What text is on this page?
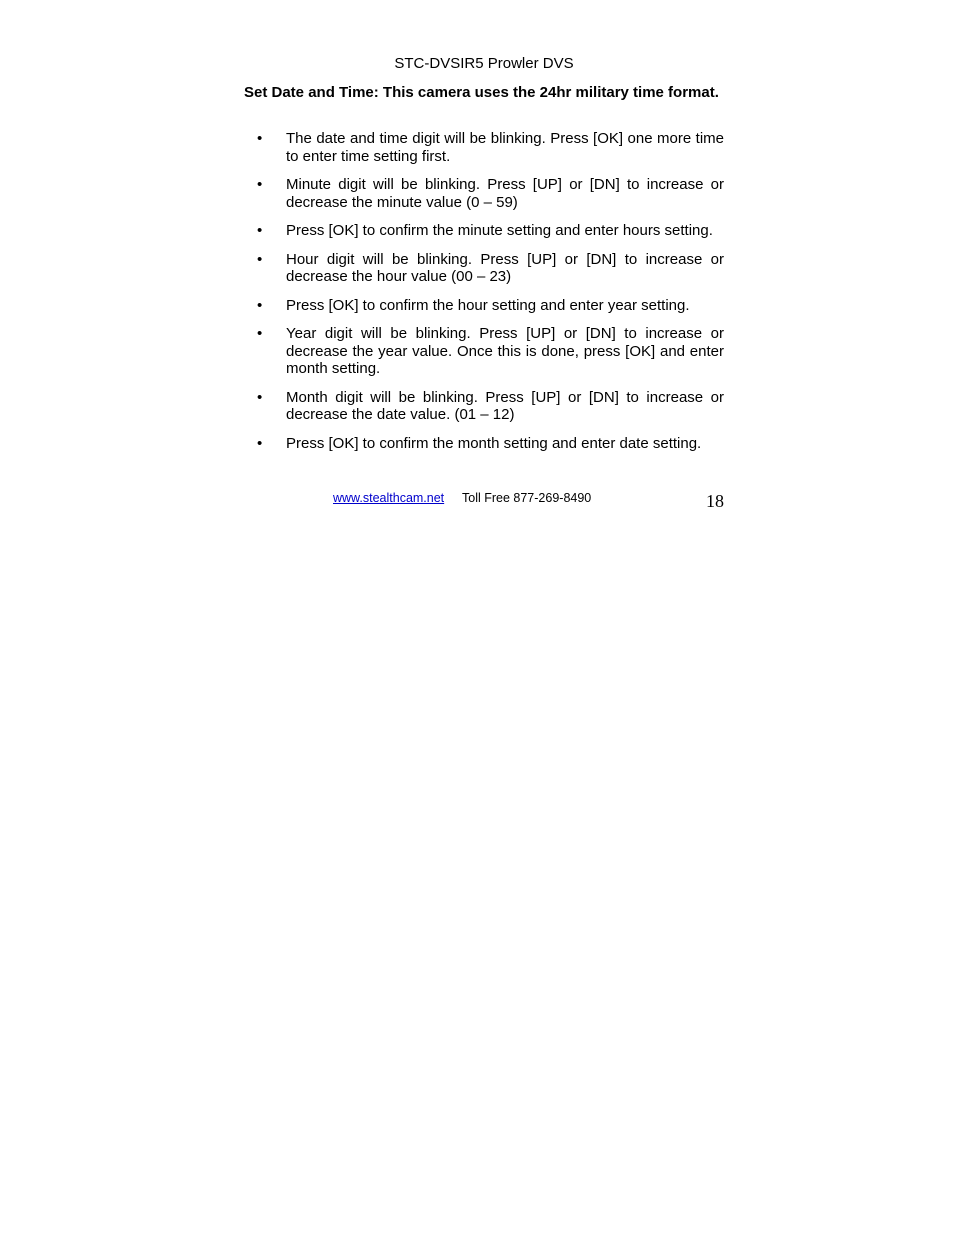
STC-DVSIR5 Prowler DVS

Set Date and Time: This camera uses the 24hr military time format.

• The date and time digit will be blinking. Press [OK] one more time to enter time setting first.
• Minute digit will be blinking. Press [UP] or [DN] to increase or decrease the minute value (0 – 59)
• Press [OK] to confirm the minute setting and enter hours setting.
• Hour digit will be blinking. Press [UP] or [DN] to increase or decrease the hour value (00 – 23)
• Press [OK] to confirm the hour setting and enter year setting.
• Year digit will be blinking. Press [UP] or [DN] to increase or decrease the year value. Once this is done, press [OK] and enter month setting.
• Month digit will be blinking. Press [UP] or [DN] to increase or decrease the date value. (01 – 12)
• Press [OK] to confirm the month setting and enter date setting.
www.stealthcam.net Toll Free 877-269-8490	18
